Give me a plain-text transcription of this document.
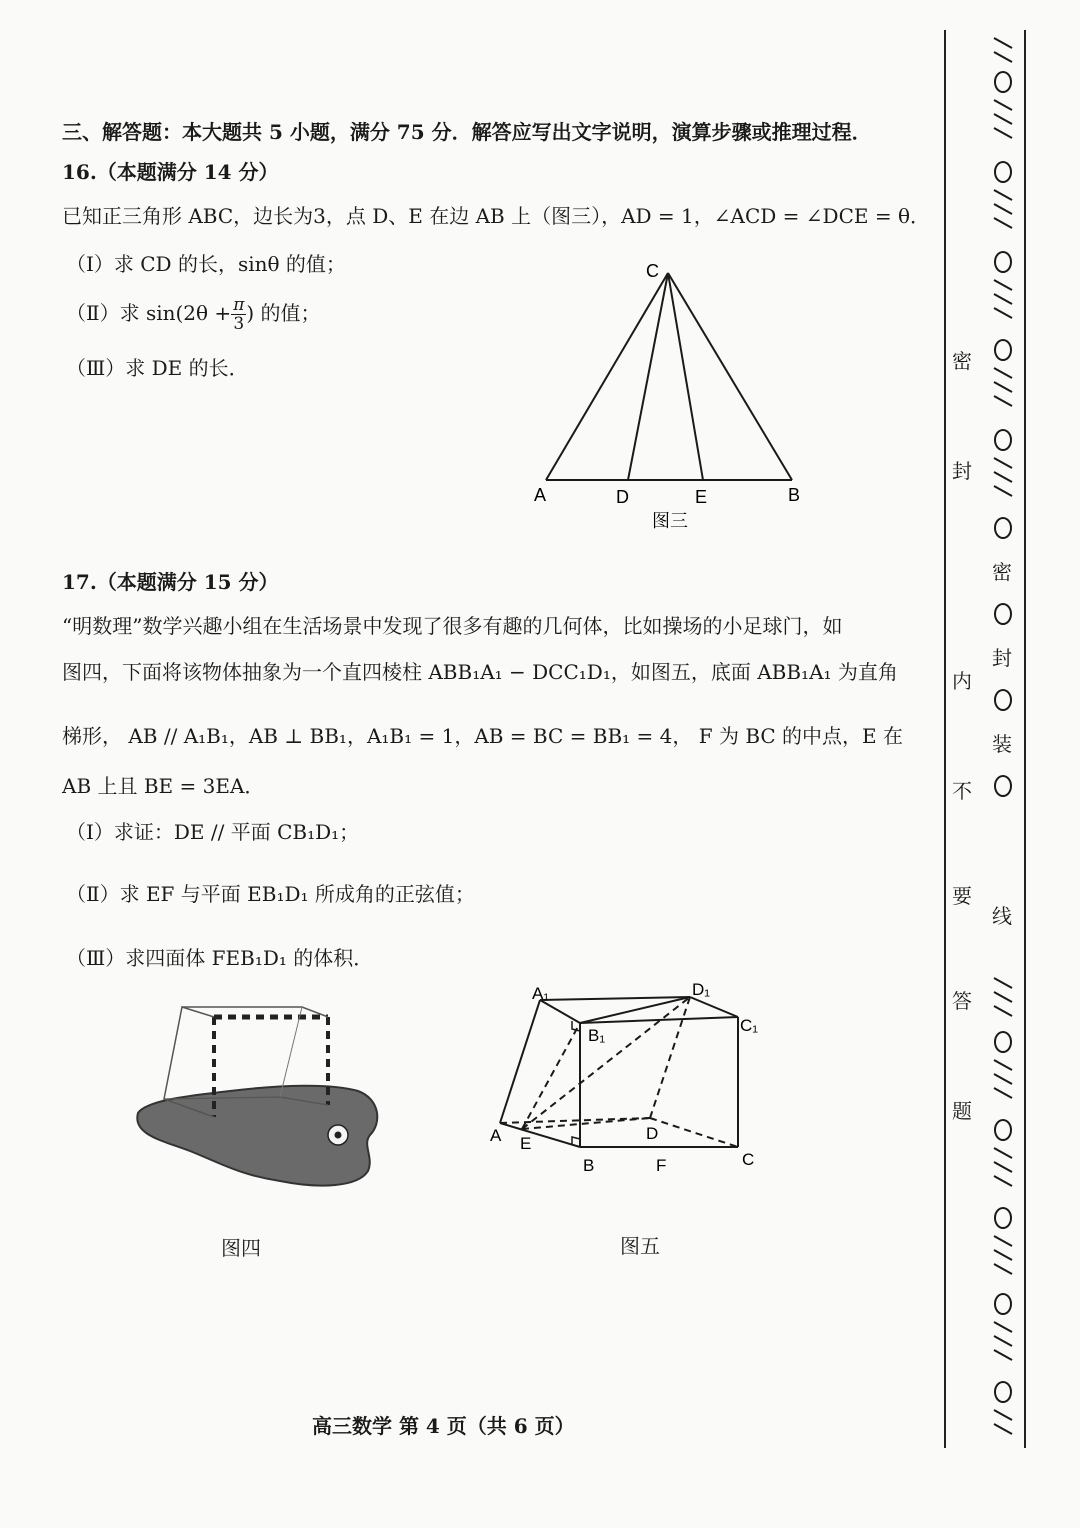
三、解答题：本大题共 5 小题，满分 75 分．解答应写出文字说明，演算步骤或推理过程．
16.（本题满分 14 分）
已知正三角形 ABC，边长为3，点 D、E 在边 AB 上（图三），AD = 1，∠ACD = ∠DCE = θ．
（Ⅰ）求 CD 的长，sinθ 的值；
（Ⅱ）求 $\sin(2\theta + \frac{\pi}{3}$ ) 的值；
（Ⅲ）求 DE 的长．
C
A	D	E	B
图三
17.（本题满分 15 分）
“明数理”数学兴趣小组在生活场景中发现了很多有趣的几何体，比如操场的小足球门，如
图四，下面将该物体抽象为一个直四棱柱 ABB₁A₁ − DCC₁D₁，如图五，底面 ABB₁A₁ 为直角
梯形， AB // A₁B₁，AB ⊥ BB₁，A₁B₁ = 1，AB = BC = BB₁ = 4， F 为 BC 的中点，E 在
AB 上且 BE = 3EA．
（Ⅰ）求证：DE // 平面 CB₁D₁；
（Ⅱ）求 EF 与平面 EB₁D₁ 所成角的正弦值；
（Ⅲ）求四面体 FEB₁D₁ 的体积．
图四
A₁	D₁
B₁
C₁
A E
D
B	F	C
图五
高三数学 第 4 页（共 6 页）
密
封
内
不
要
答
题
密
封
装
线
